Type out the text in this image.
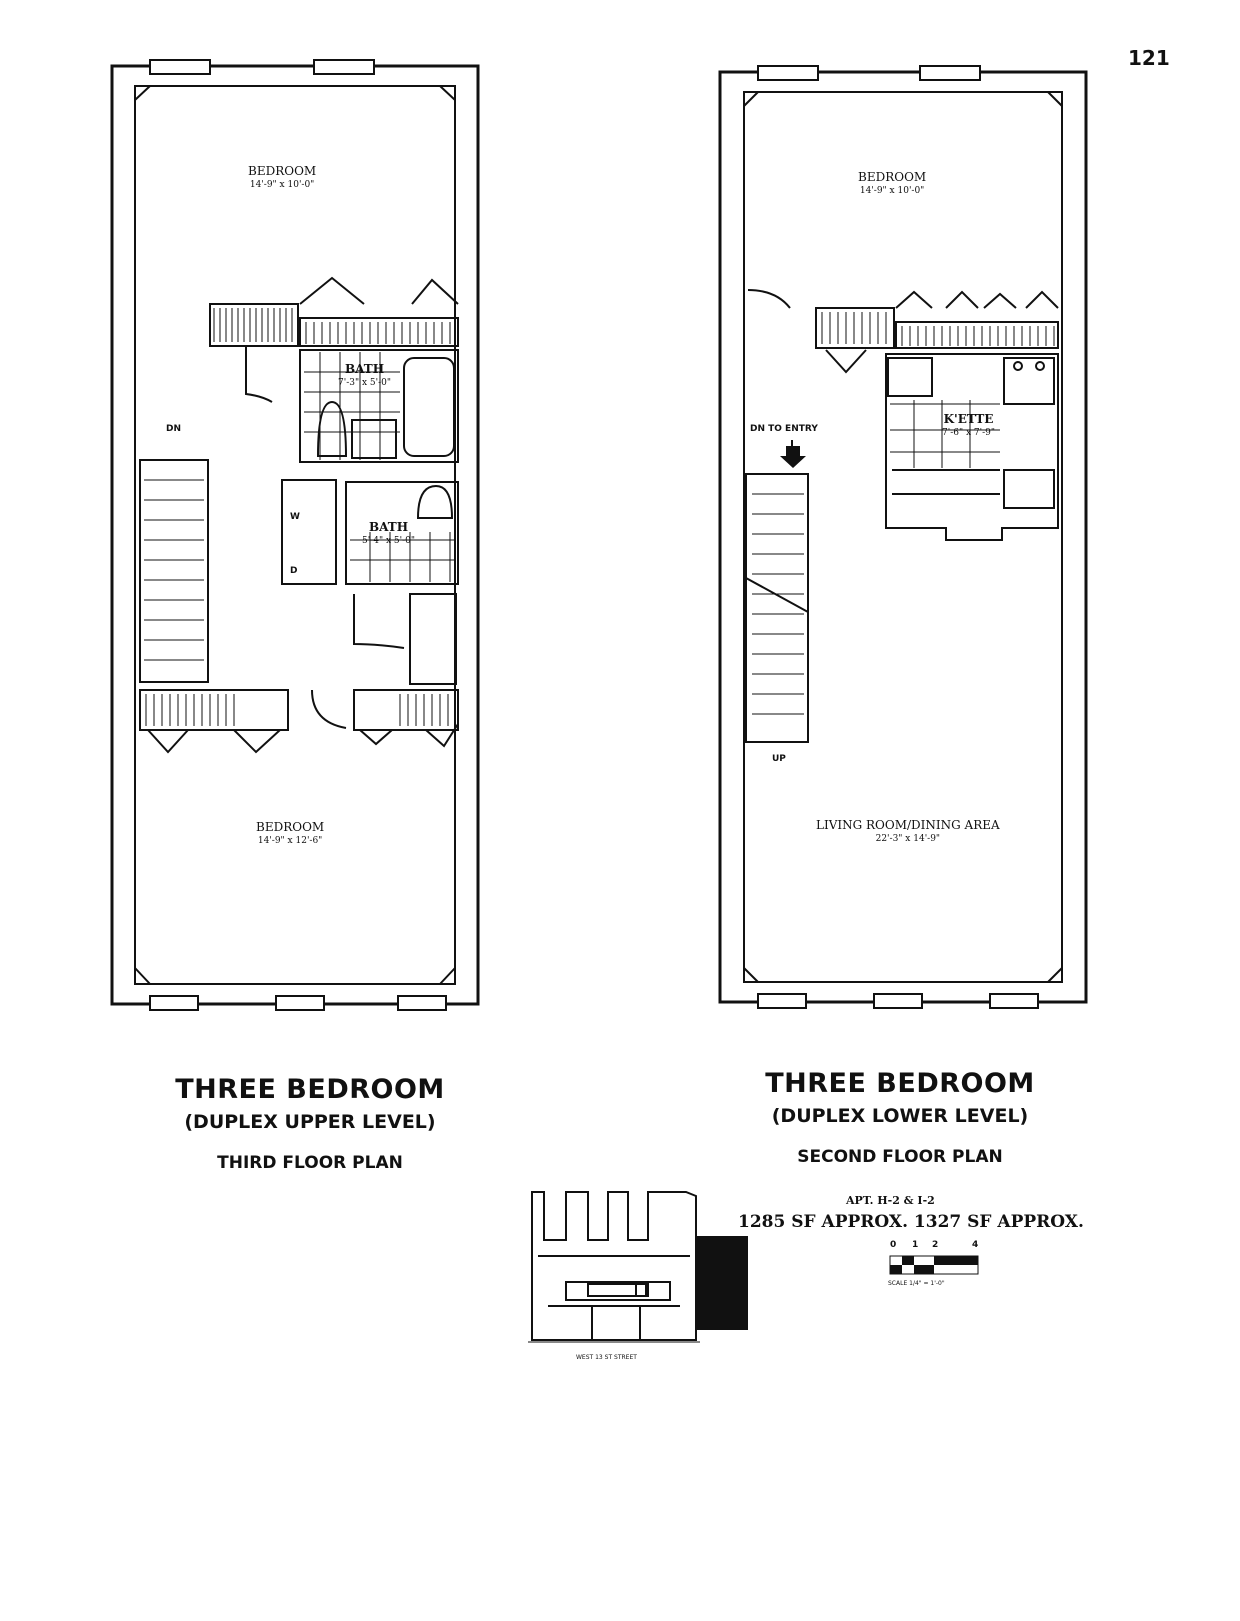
121
BEDROOM
14'-9" x 10'-0"
BATH
7'-3" x 5'-0"
BATH
5'-4" x 5'-0"
BEDROOM
14'-9" x 12'-6"
DN
W
D
BEDROOM
14'-9" x 10'-0"
K'ETTE
7'-6" x 7'-9"
LIVING ROOM/DINING AREA
22'-3" x 14'-9"
DN TO ENTRY
UP
THREE BEDROOM
(DUPLEX UPPER LEVEL)
THIRD FLOOR PLAN
THREE BEDROOM
(DUPLEX LOWER LEVEL)
SECOND FLOOR PLAN
APT. H-2 & I-2
1285 SF APPROX. 1327 SF APPROX.
WEST 13 ST STREET
0 1 2	4
SCALE 1/4" = 1'-0"
